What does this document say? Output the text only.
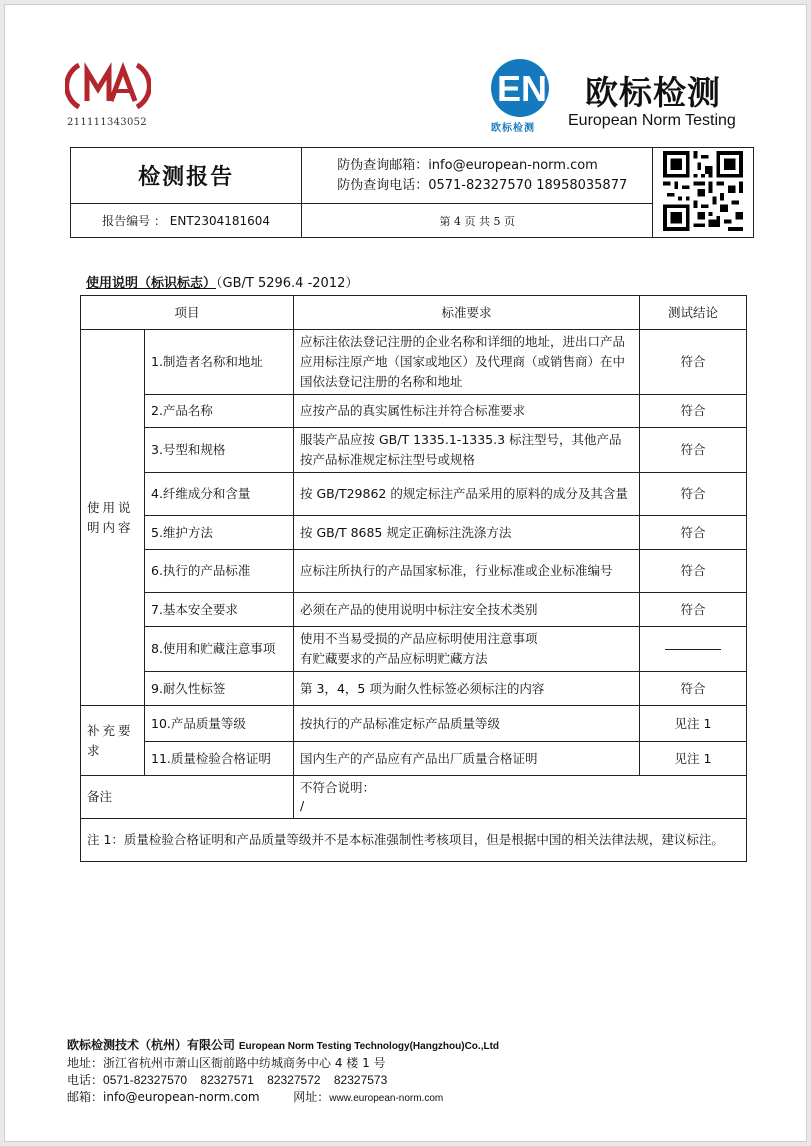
211111343052
EN
欧标检测
欧标检测
European Norm Testing
检测报告	防伪查询邮箱：info@european-norm.com
防伪查询电话：0571-82327570 18958035877

报告编号 ： ENT2304181604	第 4 页 共 5 页	
使用说明（标识标志）（GB/T 5296.4 -2012）
项目		标准要求	测试结论
使用说明内容	1.制造者名称和地址	应标注依法登记注册的企业名称和详细的地址，进出口产品应用标注原产地（国家或地区）及代理商（或销售商）在中国依法登记注册的名称和地址	符合
	2.产品名称	应按产品的真实属性标注并符合标准要求	符合
	3.号型和规格	服装产品应按 GB/T 1335.1-1335.3 标注型号，其他产品按产品标准规定标注型号或规格	符合
	4.纤维成分和含量	按 GB/T29862 的规定标注产品采用的原料的成分及其含量	符合
	5.维护方法	按 GB/T 8685 规定正确标注洗涤方法	符合
	6.执行的产品标准	应标注所执行的产品国家标准，行业标准或企业标准编号	符合
	7.基本安全要求	必须在产品的使用说明中标注安全技术类别	符合
	8.使用和贮藏注意事项	使用不当易受损的产品应标明使用注意事项
有贮藏要求的产品应标明贮藏方法	
	9.耐久性标签	第 3，4，5 项为耐久性标签必须标注的内容	符合
补充要求	10.产品质量等级	按执行的产品标准定标产品质量等级	见注 1
	11.质量检验合格证明	国内生产的产品应有产品出厂质量合格证明	见注 1
备注		不符合说明：
/	

注 1：质量检验合格证明和产品质量等级并不是本标准强制性考核项目，但是根据中国的相关法律法规，建议标注。			
欧标检测技术（杭州）有限公司 European Norm Testing Technology(Hangzhou)Co.,Ltd
地址：浙江省杭州市萧山区衙前路中纺城商务中心 4 楼 1 号
电话：0571-82327570    82327571    82327572    82327573
邮箱：info@european-norm.com	网址：www.european-norm.com
